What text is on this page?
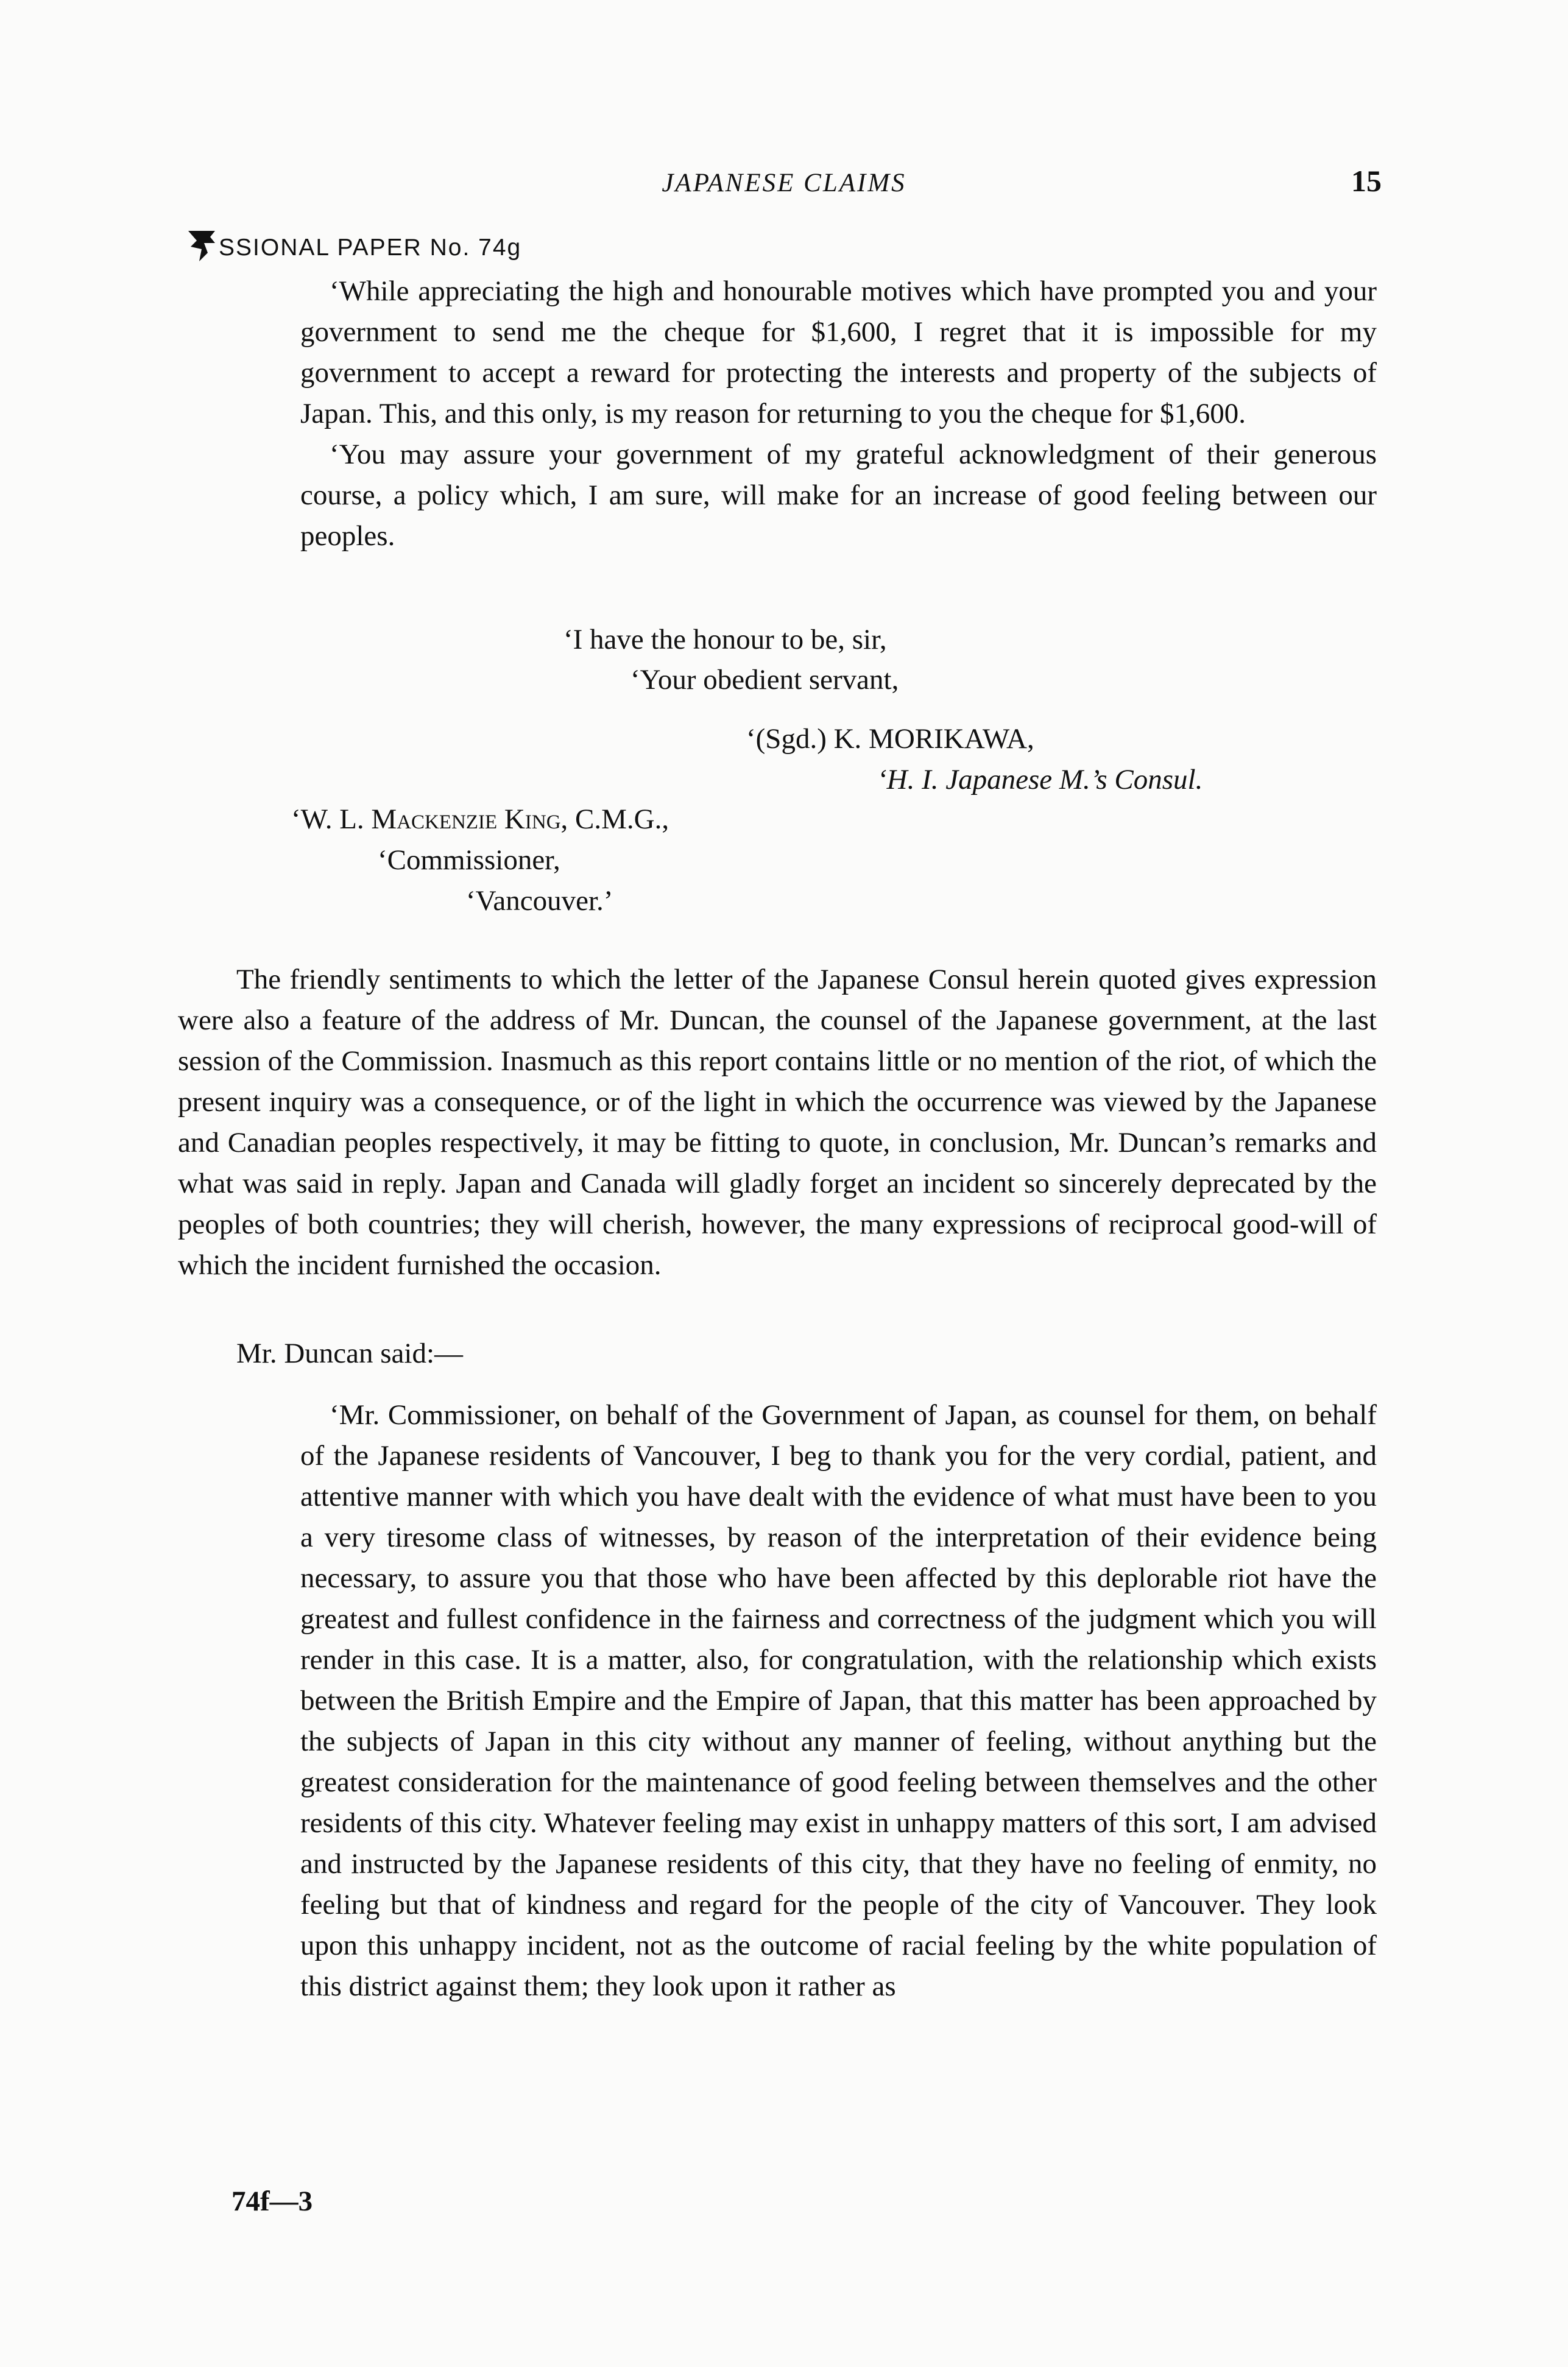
JAPANESE CLAIMS	15
SSIONAL PAPER No. 74g

‘While appreciating the high and honourable motives which have prompted you and your government to send me the cheque for $1,600, I regret that it is impossible for my government to accept a reward for protecting the interests and property of the subjects of Japan. This, and this only, is my reason for returning to you the cheque for $1,600.

‘You may assure your government of my grateful acknowledgment of their generous course, a policy which, I am sure, will make for an increase of good feeling between our peoples.

‘I have the honour to be, sir,
‘Your obedient servant,
‘(Sgd.) K. MORIKAWA,
‘H. I. Japanese M.’s Consul.
‘W. L. Mackenzie King, C.M.G.,
‘Commissioner,
‘Vancouver.’

The friendly sentiments to which the letter of the Japanese Consul herein quoted gives expression were also a feature of the address of Mr. Duncan, the counsel of the Japanese government, at the last session of the Commission. Inasmuch as this report contains little or no mention of the riot, of which the present inquiry was a consequence, or of the light in which the occurrence was viewed by the Japanese and Canadian peoples respectively, it may be fitting to quote, in conclusion, Mr. Duncan’s remarks and what was said in reply. Japan and Canada will gladly forget an incident so sincerely deprecated by the peoples of both countries; they will cherish, however, the many expressions of reciprocal good-will of which the incident furnished the occasion.

Mr. Duncan said:—

‘Mr. Commissioner, on behalf of the Government of Japan, as counsel for them, on behalf of the Japanese residents of Vancouver, I beg to thank you for the very cordial, patient, and attentive manner with which you have dealt with the evidence of what must have been to you a very tiresome class of witnesses, by reason of the interpretation of their evidence being necessary, to assure you that those who have been affected by this deplorable riot have the greatest and fullest confidence in the fairness and correctness of the judgment which you will render in this case. It is a matter, also, for congratulation, with the relationship which exists between the British Empire and the Empire of Japan, that this matter has been approached by the subjects of Japan in this city without any manner of feeling, without anything but the greatest consideration for the maintenance of good feeling between themselves and the other residents of this city. Whatever feeling may exist in unhappy matters of this sort, I am advised and instructed by the Japanese residents of this city, that they have no feeling of enmity, no feeling but that of kindness and regard for the people of the city of Vancouver. They look upon this unhappy incident, not as the outcome of racial feeling by the white population of this district against them; they look upon it rather as

74f—3
